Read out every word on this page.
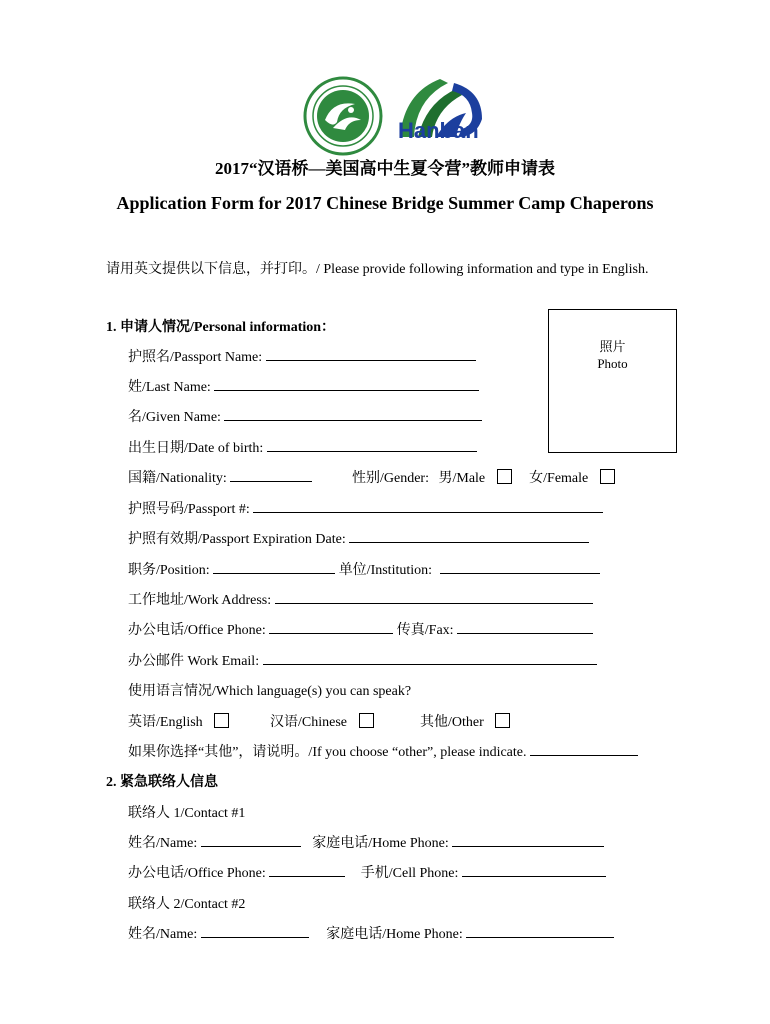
Hanban
2017“汉语桥—美国高中生夏令营”教师申请表
Application Form for 2017 Chinese Bridge Summer Camp Chaperons
请用英文提供以下信息，并打印。/ Please provide following information and type in English.
1. 申请人情况/Personal information：
照片
Photo
护照名/Passport Name:
姓/Last Name:
名/Given Name:
出生日期/Date of birth:
国籍/Nationality:	性别/Gender: 男/Male	女/Female
护照号码/Passport #:
护照有效期/Passport Expiration Date:
职务/Position:	单位/Institution:
工作地址/Work Address:
办公电话/Office Phone:	传真/Fax:
办公邮件 Work Email:
使用语言情况/Which language(s) you can speak?
英语/English	汉语/Chinese	其他/Other
如果你选择“其他”，请说明。/If you choose “other”, please indicate.
2. 紧急联络人信息
联络人 1/Contact #1
姓名/Name:	家庭电话/Home Phone:
办公电话/Office Phone:	手机/Cell Phone:
联络人 2/Contact #2
姓名/Name:	家庭电话/Home Phone:
